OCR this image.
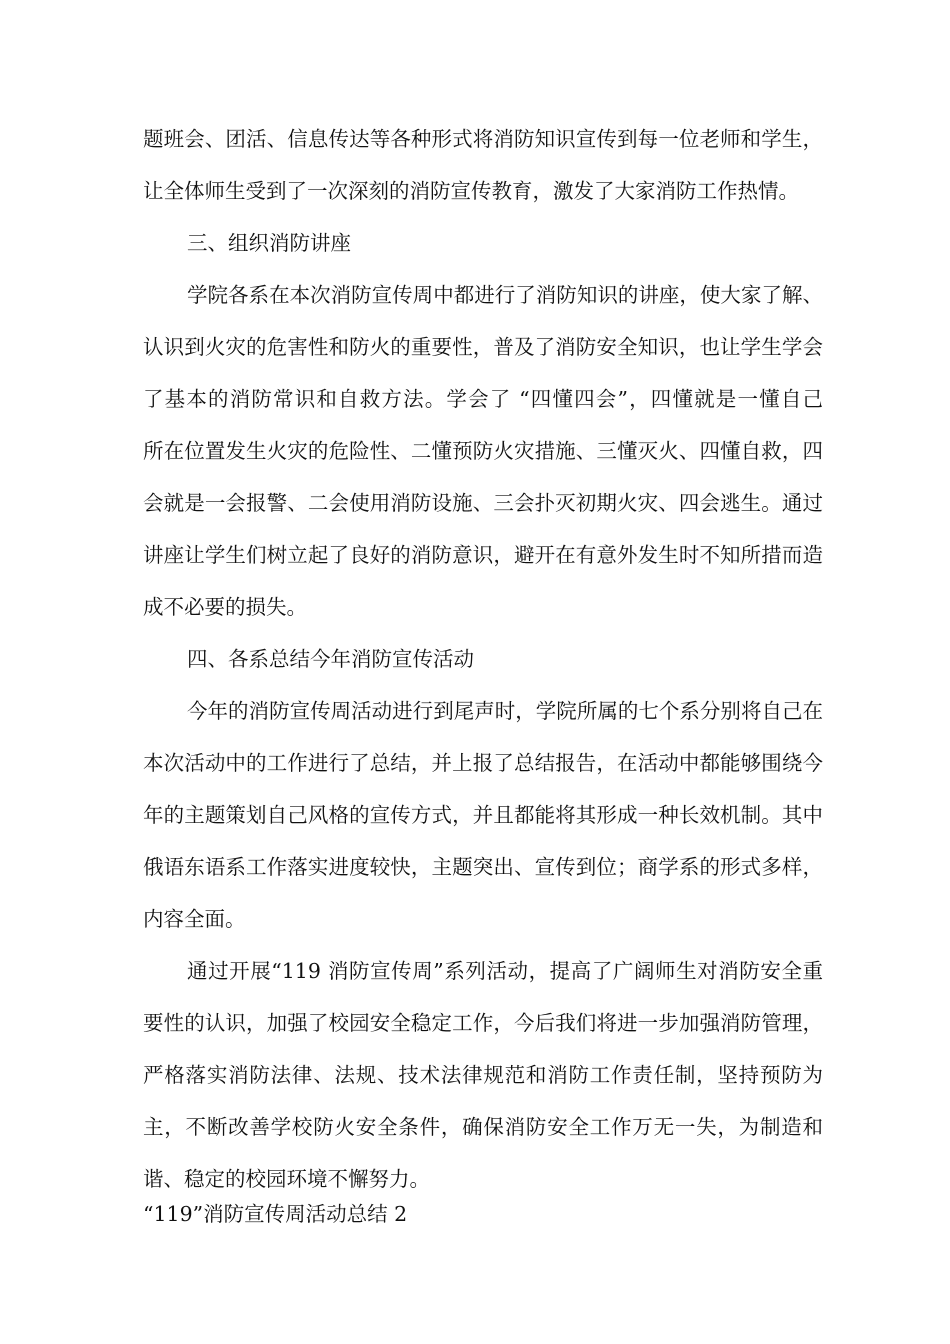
题班会、团活、信息传达等各种形式将消防知识宣传到每一位老师和学生，
让全体师生受到了一次深刻的消防宣传教育，激发了大家消防工作热情。
三、组织消防讲座
学院各系在本次消防宣传周中都进行了消防知识的讲座，使大家了解、
认识到火灾的危害性和防火的重要性，普及了消防安全知识，也让学生学会
了基本的消防常识和自救方法。学会了 “四懂四会”，四懂就是一懂自己
所在位置发生火灾的危险性、二懂预防火灾措施、三懂灭火、四懂自救，四
会就是一会报警、二会使用消防设施、三会扑灭初期火灾、四会逃生。通过
讲座让学生们树立起了良好的消防意识，避开在有意外发生时不知所措而造
成不必要的损失。
四、各系总结今年消防宣传活动
今年的消防宣传周活动进行到尾声时，学院所属的七个系分别将自己在
本次活动中的工作进行了总结，并上报了总结报告，在活动中都能够围绕今
年的主题策划自己风格的宣传方式，并且都能将其形成一种长效机制。其中
俄语东语系工作落实进度较快，主题突出、宣传到位；商学系的形式多样，
内容全面。
通过开展“119 消防宣传周”系列活动，提高了广阔师生对消防安全重
要性的认识，加强了校园安全稳定工作，今后我们将进一步加强消防管理，
严格落实消防法律、法规、技术法律规范和消防工作责任制，坚持预防为
主，不断改善学校防火安全条件，确保消防安全工作万无一失，为制造和
谐、稳定的校园环境不懈努力。
“119”消防宣传周活动总结 2
